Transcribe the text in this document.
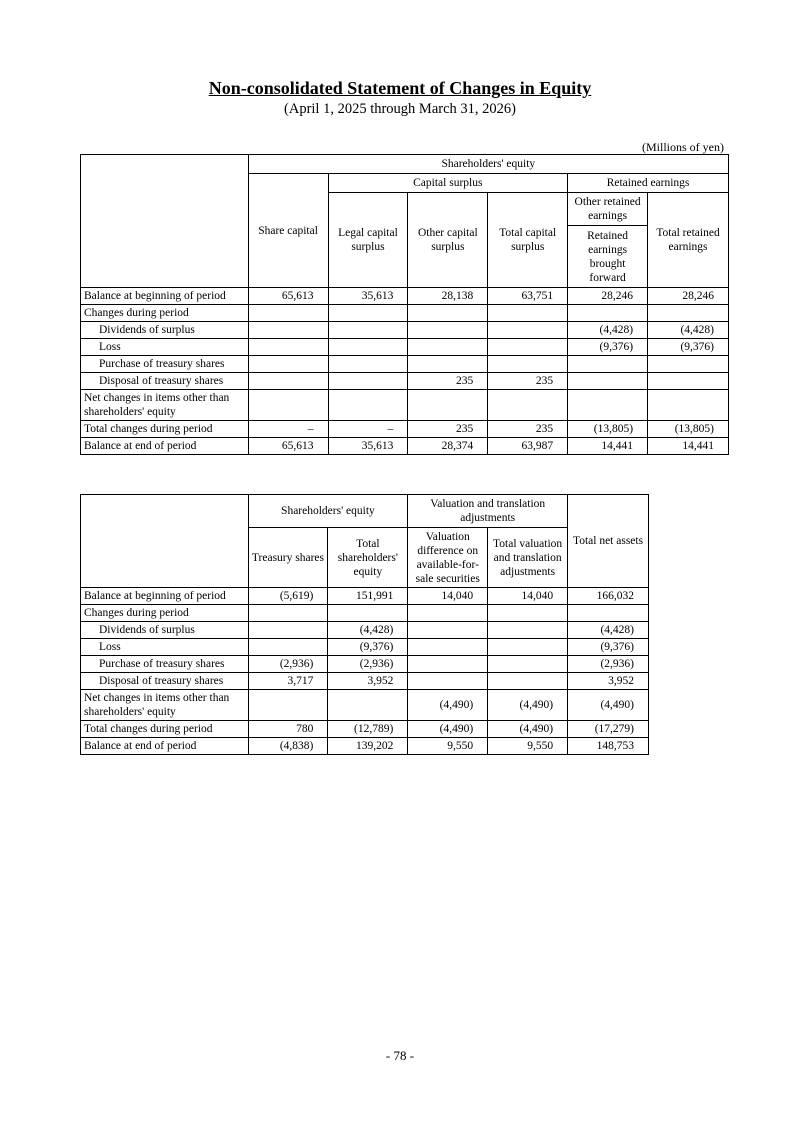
Non-consolidated Statement of Changes in Equity
(April 1, 2025 through March 31, 2026)
(Millions of yen)
	Shareholders' equity					
	Share capital	Capital surplus			Retained earnings	
		Legal capital surplus	Other capital surplus	Total capital surplus	Other retained earnings	Total retained earnings
					Retained earnings brought forward	
Balance at beginning of period	65,613	35,613	28,138	63,751	28,246	28,246
Changes during period						
Dividends of surplus					(4,428)	(4,428)
Loss					(9,376)	(9,376)
Purchase of treasury shares						
Disposal of treasury shares			235	235		
Net changes in items other than shareholders' equity						
Total changes during period	–	–	235	235	(13,805)	(13,805)
Balance at end of period	65,613	35,613	28,374	63,987	14,441	14,441
	Shareholders' equity		Valuation and translation adjustments		Total net assets
	Treasury shares	Total shareholders' equity	Valuation difference on available-for-sale securities	Total valuation and translation adjustments	
Balance at beginning of period	(5,619)	151,991	14,040	14,040	166,032
Changes during period					
Dividends of surplus		(4,428)			(4,428)
Loss		(9,376)			(9,376)
Purchase of treasury shares	(2,936)	(2,936)			(2,936)
Disposal of treasury shares	3,717	3,952			3,952
Net changes in items other than shareholders' equity			(4,490)	(4,490)	(4,490)
Total changes during period	780	(12,789)	(4,490)	(4,490)	(17,279)
Balance at end of period	(4,838)	139,202	9,550	9,550	148,753
- 78 -
